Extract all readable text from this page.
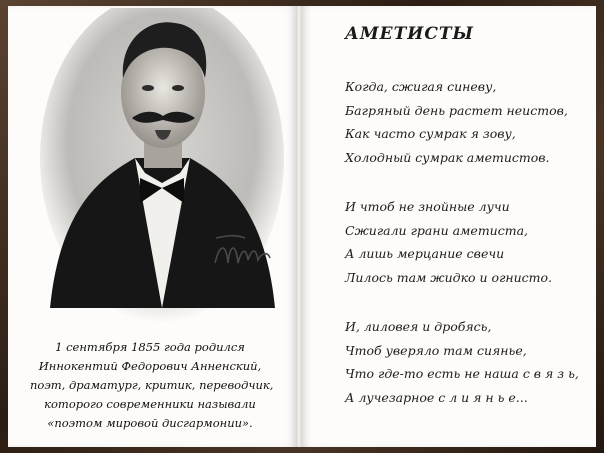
1 сентября 1855 года родился
Иннокентий Федорович Анненский,
поэт, драматург, критик, переводчик,
которого современники называли
«поэтом мировой дисгармонии».
АМЕТИСТЫ
Когда, сжигая синеву,
Багряный день растет неистов,
Как часто сумрак я зову,
Холодный сумрак аметистов.
И чтоб не знойные лучи
Сжигали грани аметиста,
А лишь мерцание свечи
Лилось там жидко и огнисто.
И, лиловея и дробясь,
Чтоб уверяло там сиянье,
Что где-то есть не наша с в я з ь,
А лучезарное с л и я н ь е...
